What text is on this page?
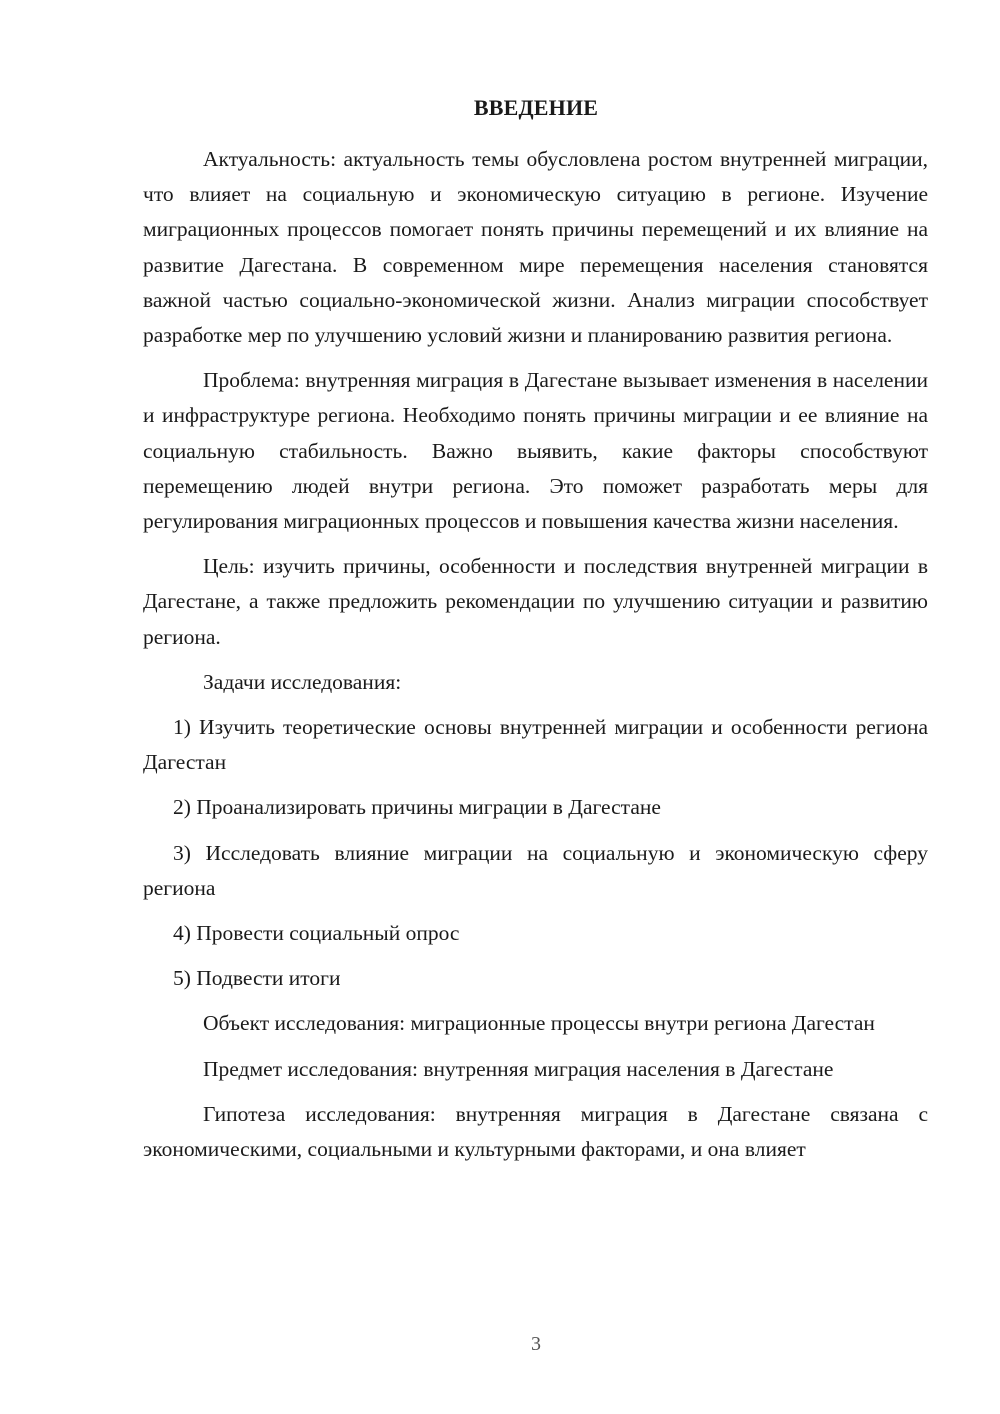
ВВЕДЕНИЕ

Актуальность: актуальность темы обусловлена ростом внутренней миграции, что влияет на социальную и экономическую ситуацию в регионе. Изучение миграционных процессов помогает понять причины перемещений и их влияние на развитие Дагестана. В современном мире перемещения населения становятся важной частью социально-экономической жизни. Анализ миграции способствует разработке мер по улучшению условий жизни и планированию развития региона.

Проблема: внутренняя миграция в Дагестане вызывает изменения в населении и инфраструктуре региона. Необходимо понять причины миграции и ее влияние на социальную стабильность. Важно выявить, какие факторы способствуют перемещению людей внутри региона. Это поможет разработать меры для регулирования миграционных процессов и повышения качества жизни населения.

Цель: изучить причины, особенности и последствия внутренней миграции в Дагестане, а также предложить рекомендации по улучшению ситуации и развитию региона.

Задачи исследования:

1) Изучить теоретические основы внутренней миграции и особенности региона Дагестан

2) Проанализировать причины миграции в Дагестане

3) Исследовать влияние миграции на социальную и экономическую сферу региона

4) Провести социальный опрос

5) Подвести итоги

Объект исследования: миграционные процессы внутри региона Дагестан

Предмет исследования: внутренняя миграция населения в Дагестане

Гипотеза исследования: внутренняя миграция в Дагестане связана с экономическими, социальными и культурными факторами, и она влияет

3
